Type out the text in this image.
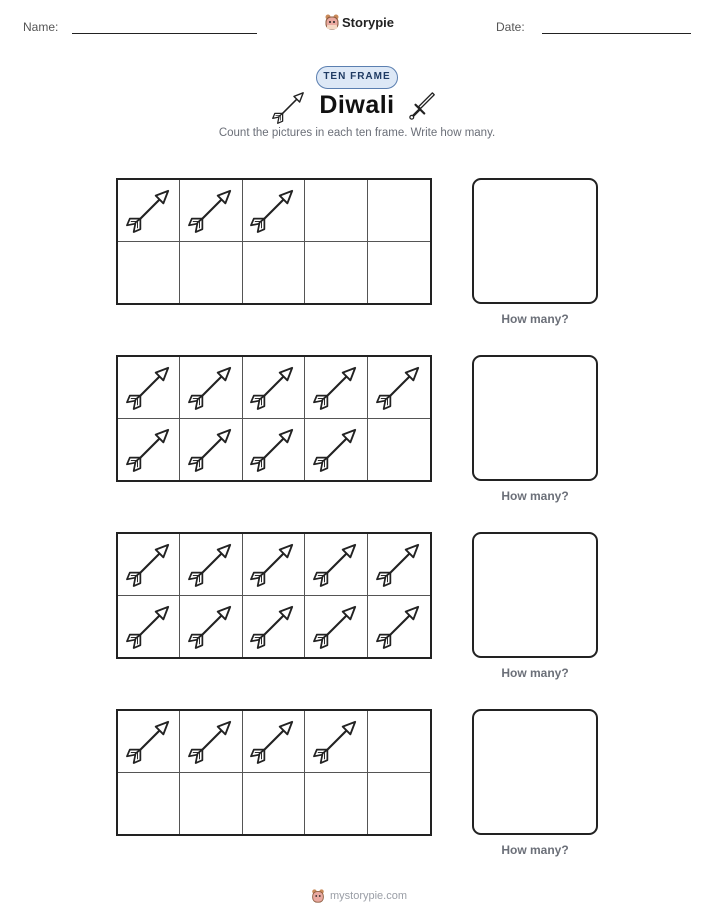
Name:	Storypie	Date:
TEN FRAME
Diwali
Count the pictures in each ten frame. Write how many.
How many?
How many?
How many?
How many?
mystorypie.com
